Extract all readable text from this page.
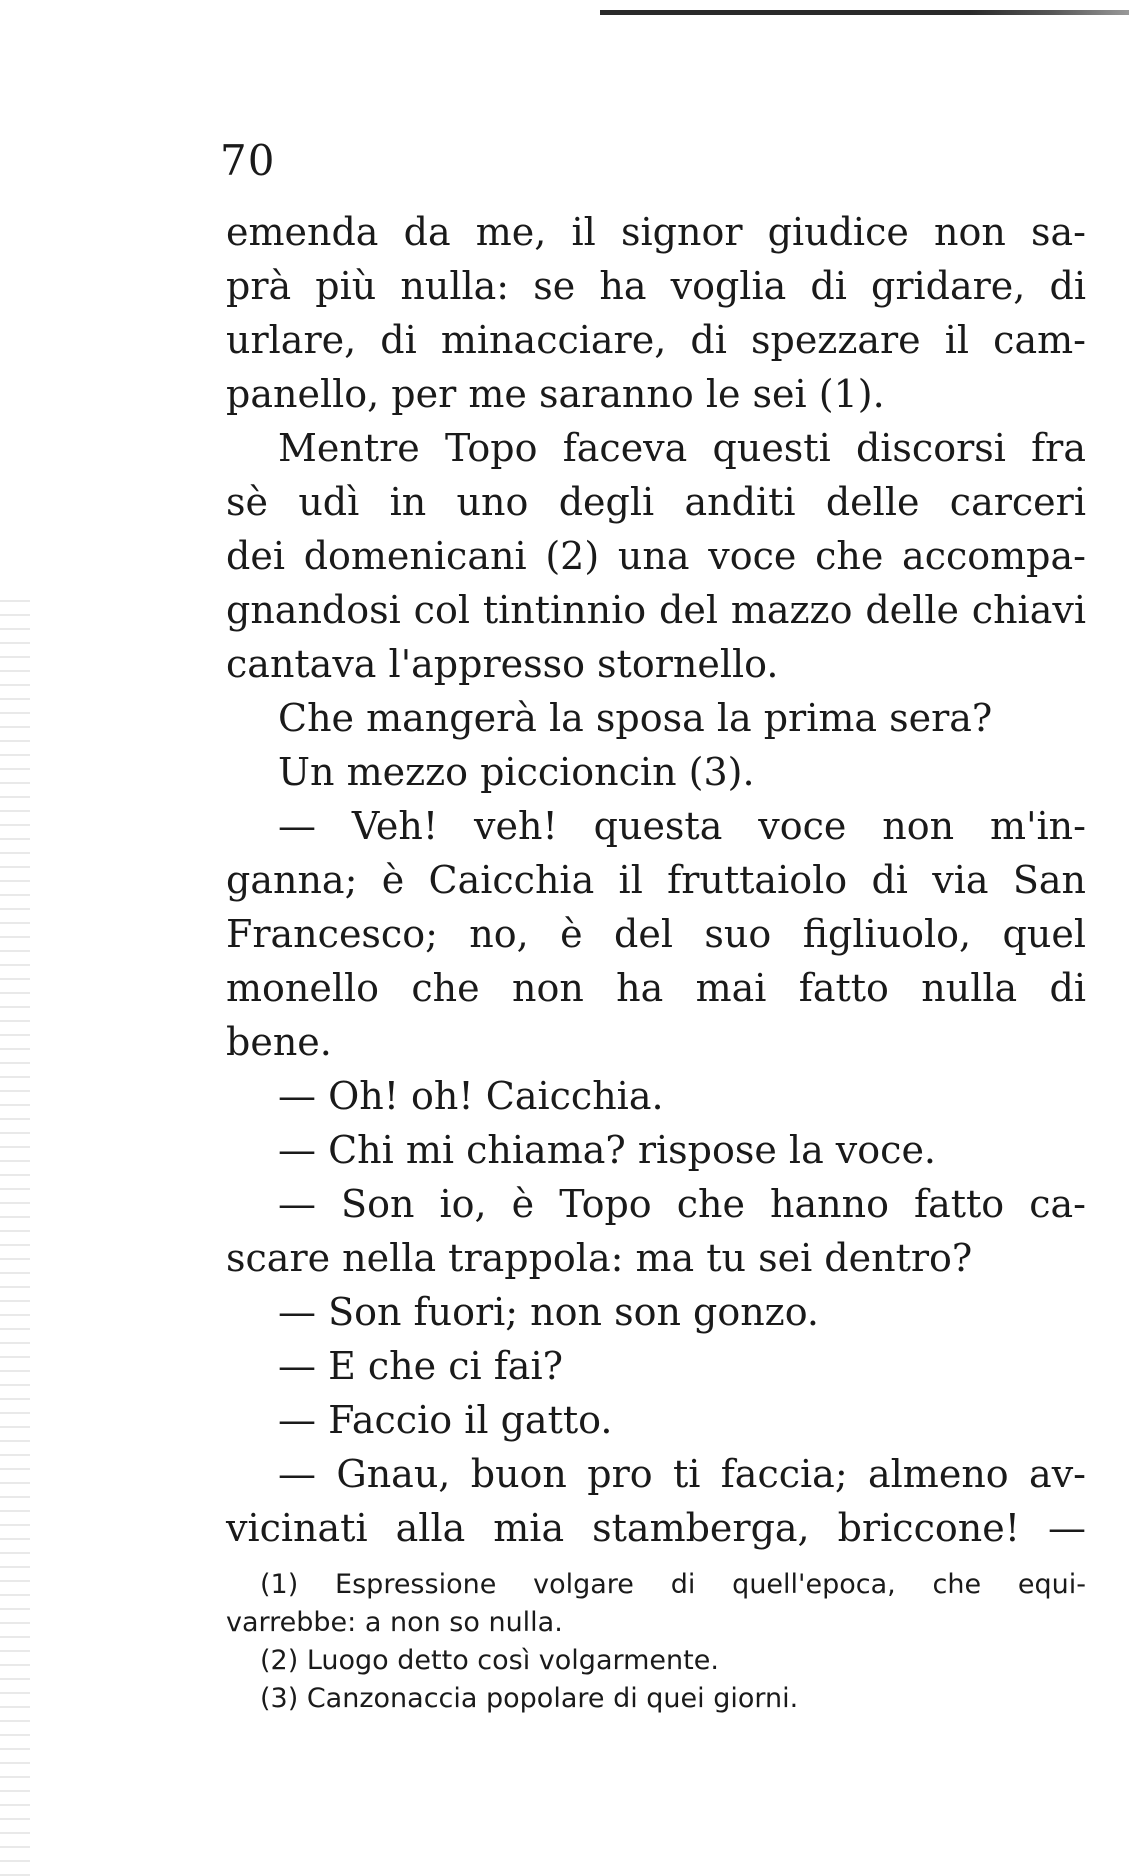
70
emenda da me, il signor giudice non sa-
prà più nulla: se ha voglia di gridare, di
urlare, di minacciare, di spezzare il cam-
panello, per me saranno le sei (1).
Mentre Topo faceva questi discorsi fra
sè udì in uno degli anditi delle carceri
dei domenicani (2) una voce che accompa-
gnandosi col tintinnio del mazzo delle chiavi
cantava l'appresso stornello.
Che mangerà la sposa la prima sera?
Un mezzo piccioncin (3).
— Veh! veh! questa voce non m'in-
ganna; è Caicchia il fruttaiolo di via San
Francesco; no, è del suo figliuolo, quel
monello che non ha mai fatto nulla di
bene.
— Oh! oh! Caicchia.
— Chi mi chiama? rispose la voce.
— Son io, è Topo che hanno fatto ca-
scare nella trappola: ma tu sei dentro?
— Son fuori; non son gonzo.
— E che ci fai?
— Faccio il gatto.
— Gnau, buon pro ti faccia; almeno av-
vicinati alla mia stamberga, briccone! —
(1) Espressione volgare di quell'epoca, che equi-
varrebbe: a non so nulla.
(2) Luogo detto così volgarmente.
(3) Canzonaccia popolare di quei giorni.
